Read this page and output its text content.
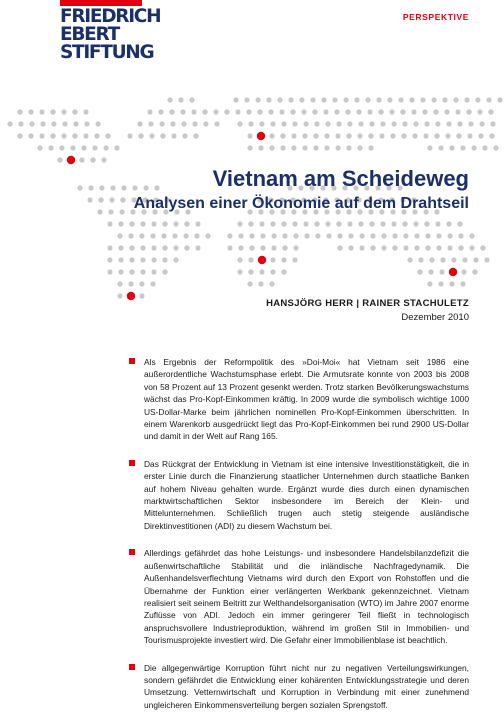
FRIEDRICH
EBERT
STIFTUNG
PERSPEKTIVE
Vietnam am Scheideweg
Analysen einer Ökonomie auf dem Drahtseil
HANSJÖRG HERR | RAINER STACHULETZ
Dezember 2010
Als Ergebnis der Reformpolitik des »Doi-Moi« hat Vietnam seit 1986 eine außerordentliche Wachstumsphase erlebt. Die Armutsrate konnte von 2003 bis 2008 von 58 Prozent auf 13 Prozent gesenkt werden. Trotz starken Bevölkerungswachstums wächst das Pro-Kopf-Einkommen kräftig. In 2009 wurde die symbolisch wichtige 1000 US-Dollar-Marke beim jährlichen nominellen Pro-Kopf-Einkommen überschritten. In einem Warenkorb ausgedrückt liegt das Pro-Kopf-Einkommen bei rund 2900 US-Dollar und damit in der Welt auf Rang 165.
Das Rückgrat der Entwicklung in Vietnam ist eine intensive Investitionstätigkeit, die in erster Linie durch die Finanzierung staatlicher Unternehmen durch staatliche Banken auf hohem Niveau gehalten wurde. Ergänzt wurde dies durch einen dynamischen marktwirtschaftlichen Sektor insbesondere im Bereich der Klein- und Mittelunternehmen. Schließlich trugen auch stetig steigende ausländische Direktinvestitionen (ADI) zu diesem Wachstum bei.
Allerdings gefährdet das hohe Leistungs- und insbesondere Handelsbilanzdefizit die außenwirtschaftliche Stabilität und die inländische Nachfragedynamik. Die Außenhandelsverflechtung Vietnams wird durch den Export von Rohstoffen und die Übernahme der Funktion einer verlängerten Werkbank gekennzeichnet. Vietnam realisiert seit seinem Beitritt zur Welthandelsorganisation (WTO) im Jahre 2007 enorme Zuflüsse von ADI. Jedoch ein immer geringerer Teil fließt in technologisch anspruchsvollere Industrieproduktion, während im großen Stil in Immobilien- und Tourismusprojekte investiert wird. Die Gefahr einer Immobilienblase ist beachtlich.
Die allgegenwärtige Korruption führt nicht nur zu negativen Verteilungswirkungen, sondern gefährdet die Entwicklung einer kohärenten Entwicklungsstrategie und deren Umsetzung. Vetternwirtschaft und Korruption in Verbindung mit einer zunehmend ungleicheren Einkommensverteilung bergen sozialen Sprengstoff.
